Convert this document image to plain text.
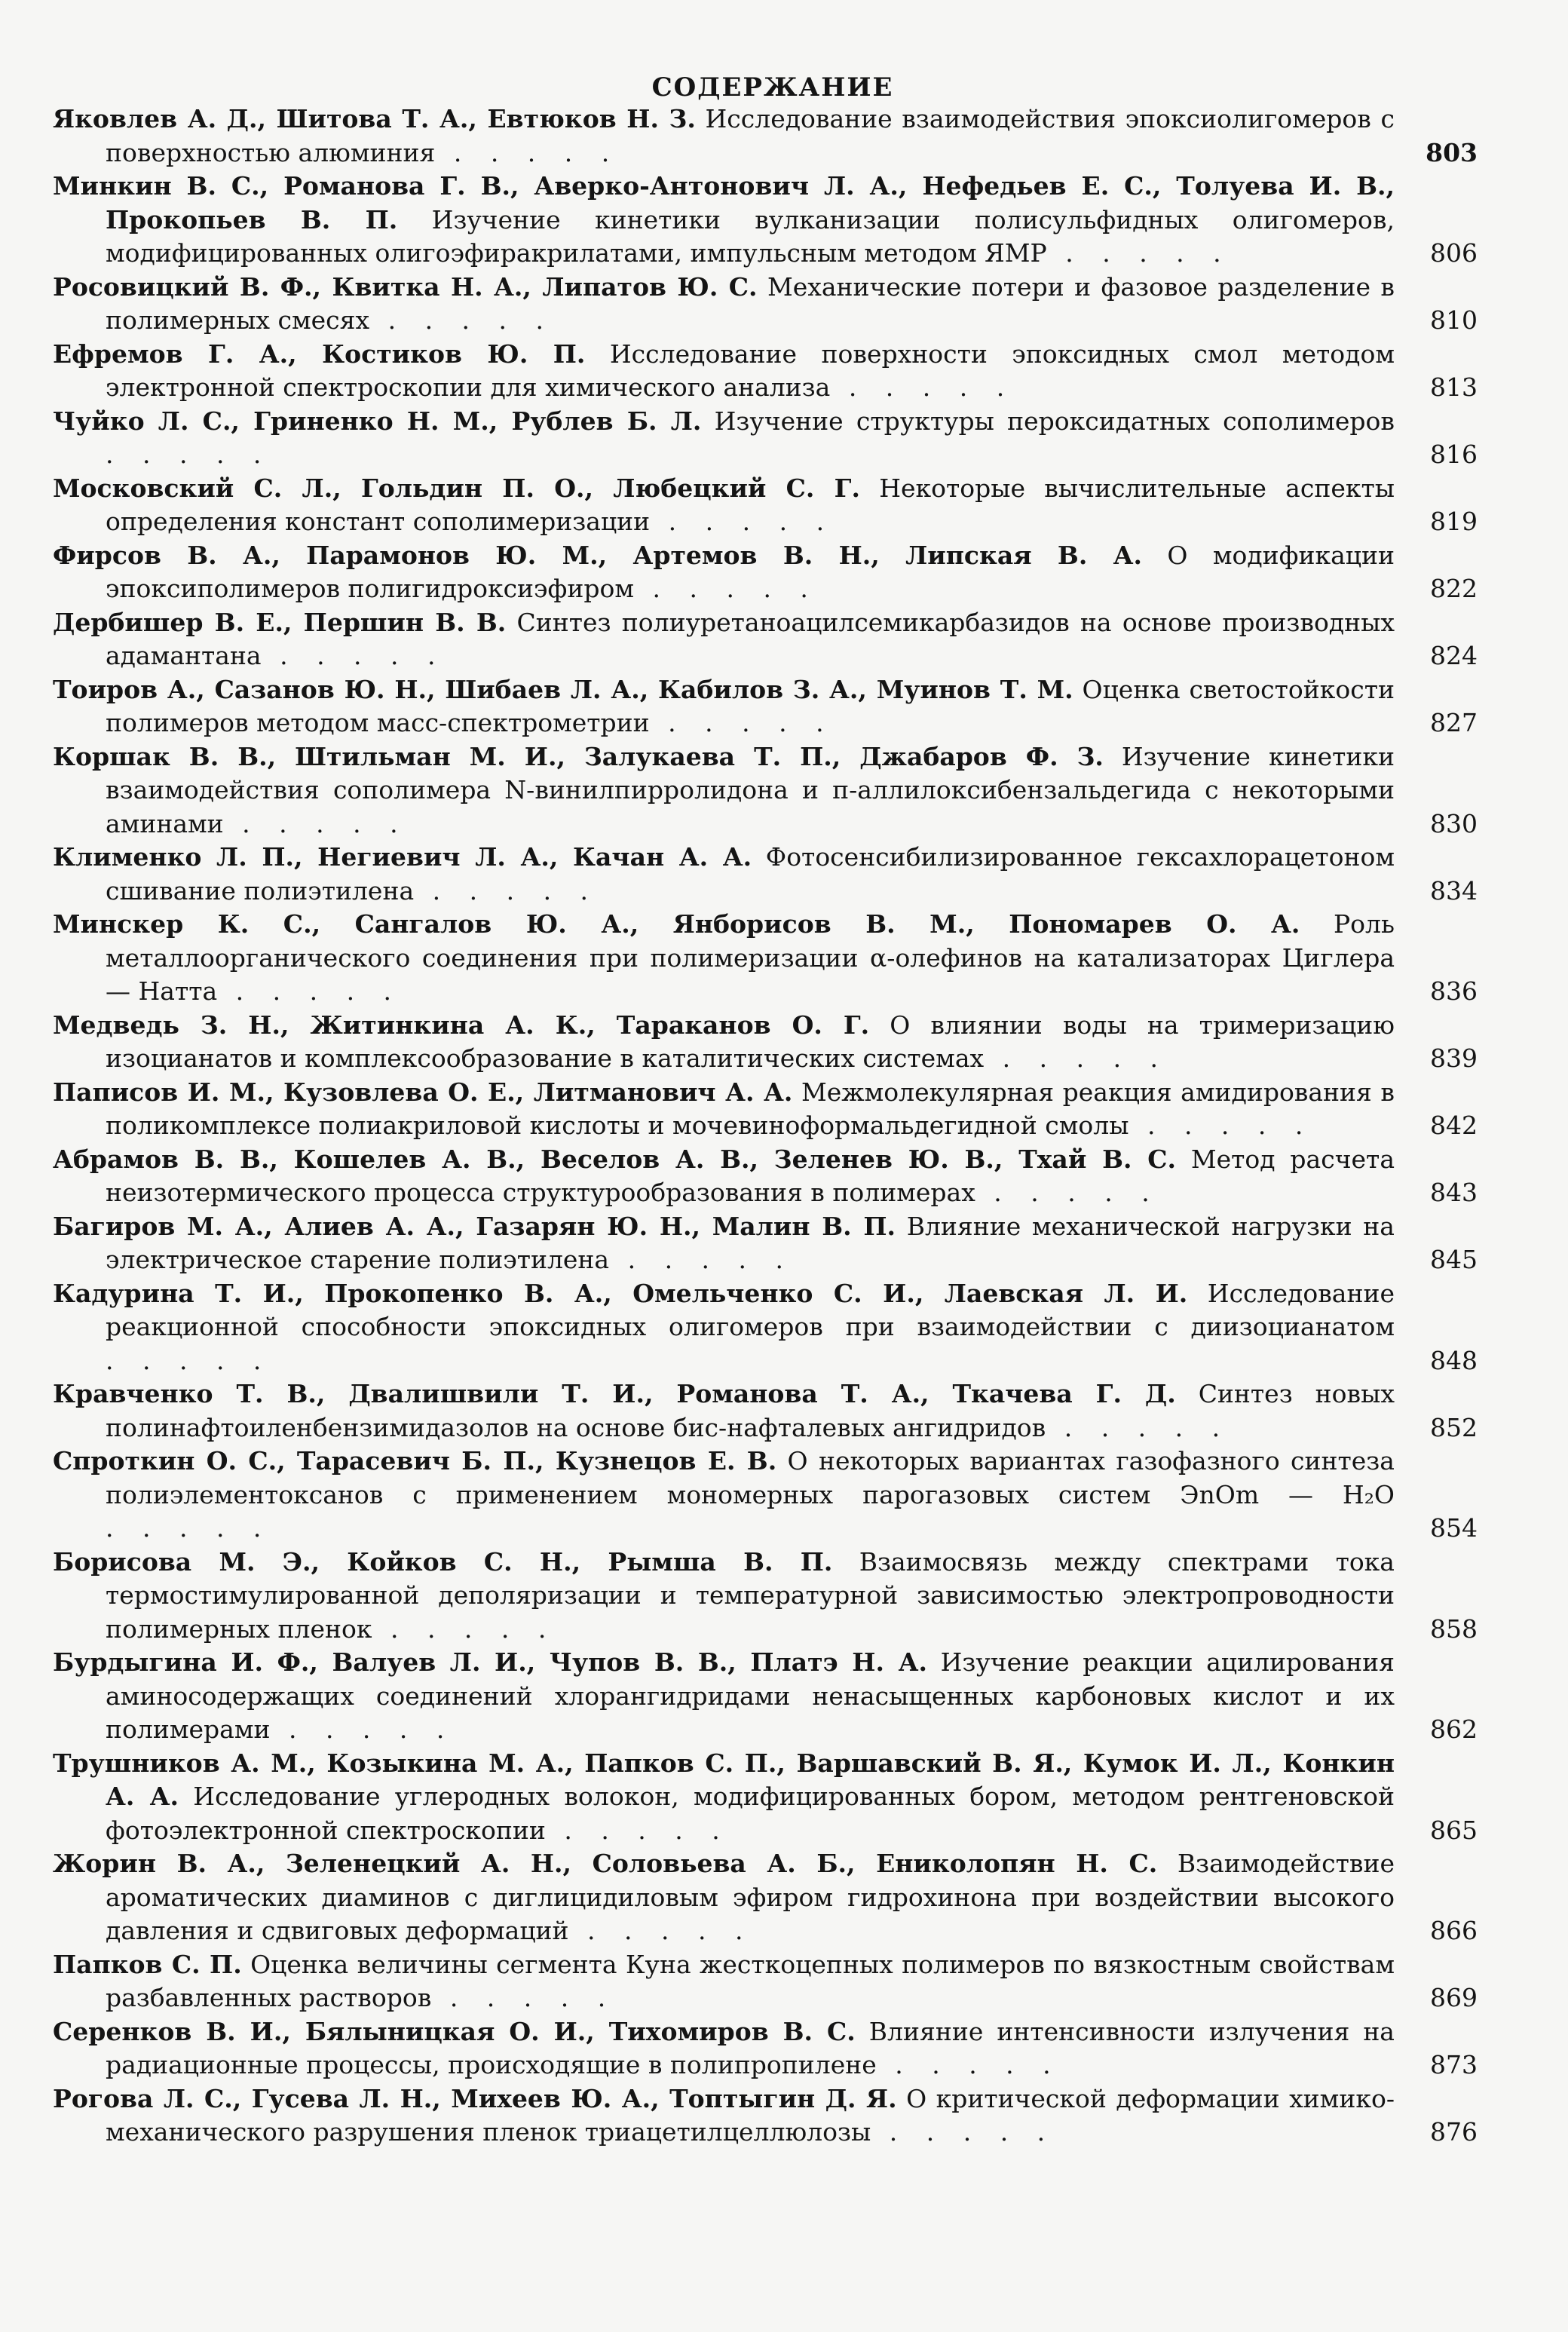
СОДЕРЖАНИЕ
Яковлев А. Д., Шитова Т. А., Евтюков Н. З. Исследование взаимодействия эпоксиолигомеров с поверхностью алюминия . . . . .	803
Минкин В. С., Романова Г. В., Аверко-Антонович Л. А., Нефедьев Е. С., Толуева И. В., Прокопьев В. П. Изучение кинетики вулканизации полисульфидных олигомеров, модифицированных олигоэфиракрилатами, импульсным методом ЯМР . . . . .	806
Росовицкий В. Ф., Квитка Н. А., Липатов Ю. С. Механические потери и фазовое разделение в полимерных смесях . . . . .	810
Ефремов Г. А., Костиков Ю. П. Исследование поверхности эпоксидных смол методом электронной спектроскопии для химического анализа . . . . .	813
Чуйко Л. С., Гриненко Н. М., Рублев Б. Л. Изучение структуры пероксидатных сополимеров . . . . .	816
Московский С. Л., Гольдин П. О., Любецкий С. Г. Некоторые вычислительные аспекты определения констант сополимеризации . . . . .	819
Фирсов В. А., Парамонов Ю. М., Артемов В. Н., Липская В. А. О модификации эпоксиполимеров полигидроксиэфиром . . . . .	822
Дербишер В. Е., Першин В. В. Синтез полиуретаноацилсемикарбазидов на основе производных адамантана . . . . .	824
Тоиров А., Сазанов Ю. Н., Шибаев Л. А., Кабилов З. А., Муинов Т. М. Оценка светостойкости полимеров методом масс-спектрометрии . . . . .	827
Коршак В. В., Штильман М. И., Залукаева Т. П., Джабаров Ф. З. Изучение кинетики взаимодействия сополимера N-винилпирролидона и п-аллилоксибензальдегида с некоторыми аминами . . . . .	830
Клименко Л. П., Негиевич Л. А., Качан А. А. Фотосенсибилизированное гексахлорацетоном сшивание полиэтилена . . . . .	834
Минскер К. С., Сангалов Ю. А., Янборисов В. М., Пономарев О. А. Роль металлоорганического соединения при полимеризации α-олефинов на катализаторах Циглера — Натта . . . . .	836
Медведь З. Н., Житинкина А. К., Тараканов О. Г. О влиянии воды на тримеризацию изоцианатов и комплексообразование в каталитических системах . . . . .	839
Паписов И. М., Кузовлева О. Е., Литманович А. А. Межмолекулярная реакция амидирования в поликомплексе полиакриловой кислоты и мочевиноформальдегидной смолы . . . . .	842
Абрамов В. В., Кошелев А. В., Веселов А. В., Зеленев Ю. В., Тхай В. С. Метод расчета неизотермического процесса структурообразования в полимерах . . . . .	843
Багиров М. А., Алиев А. А., Газарян Ю. Н., Малин В. П. Влияние механической нагрузки на электрическое старение полиэтилена . . . . .	845
Кадурина Т. И., Прокопенко В. А., Омельченко С. И., Лаевская Л. И. Исследование реакционной способности эпоксидных олигомеров при взаимодействии с диизоцианатом . . . . .	848
Кравченко Т. В., Двалишвили Т. И., Романова Т. А., Ткачева Г. Д. Синтез новых полинафтоиленбензимидазолов на основе бис-нафталевых ангидридов . . . . .	852
Спроткин О. С., Тарасевич Б. П., Кузнецов Е. В. О некоторых вариантах газофазного синтеза полиэлементоксанов с применением мономерных парогазовых систем ЭnOm — H₂O . . . . .	854
Борисова М. Э., Койков С. Н., Рымша В. П. Взаимосвязь между спектрами тока термостимулированной деполяризации и температурной зависимостью электропроводности полимерных пленок . . . . .	858
Бурдыгина И. Ф., Валуев Л. И., Чупов В. В., Платэ Н. А. Изучение реакции ацилирования аминосодержащих соединений хлорангидридами ненасыщенных карбоновых кислот и их полимерами . . . . .	862
Трушников А. М., Козыкина М. А., Папков С. П., Варшавский В. Я., Кумок И. Л., Конкин А. А. Исследование углеродных волокон, модифицированных бором, методом рентгеновской фотоэлектронной спектроскопии . . . . .	865
Жорин В. А., Зеленецкий А. Н., Соловьева А. Б., Ениколопян Н. С. Взаимодействие ароматических диаминов с диглицидиловым эфиром гидрохинона при воздействии высокого давления и сдвиговых деформаций . . . . .	866
Папков С. П. Оценка величины сегмента Куна жесткоцепных полимеров по вязкостным свойствам разбавленных растворов . . . . .	869
Серенков В. И., Бялыницкая О. И., Тихомиров В. С. Влияние интенсивности излучения на радиационные процессы, происходящие в полипропилене . . . . .	873
Рогова Л. С., Гусева Л. Н., Михеев Ю. А., Топтыгин Д. Я. О критической деформации химико-механического разрушения пленок триацетилцеллюлозы . . . . .	876
